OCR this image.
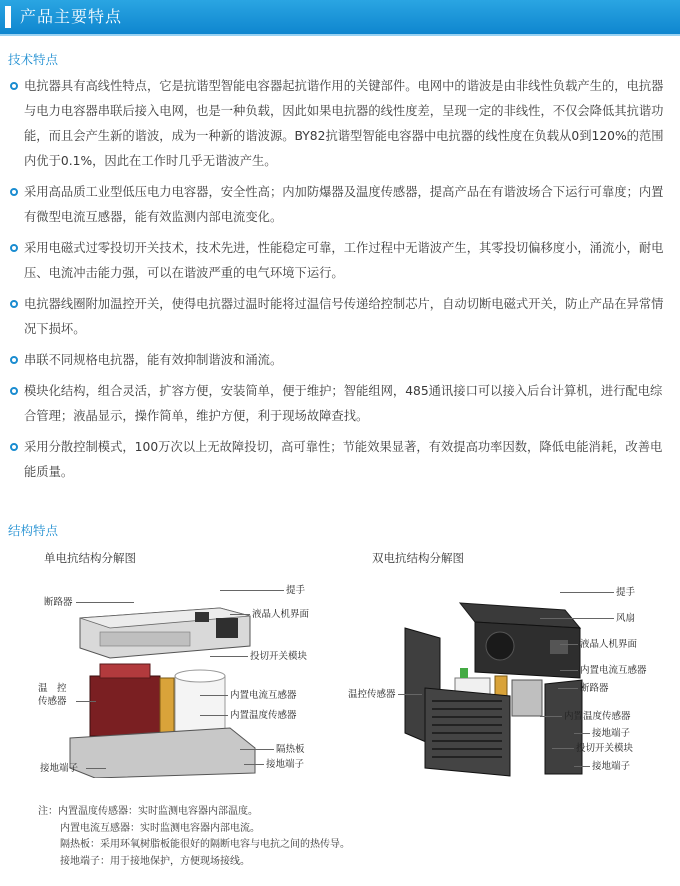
产品主要特点
技术特点
电抗器具有高线性特点，它是抗谐型智能电容器起抗谐作用的关键部件。电网中的谐波是由非线性负载产生的，电抗器与电力电容器串联后接入电网，也是一种负载，因此如果电抗器的线性度差，呈现一定的非线性，不仅会降低其抗谐功能，而且会产生新的谐波，成为一种新的谐波源。BY82抗谐型智能电容器中电抗器的线性度在负载从0到120%的范围内优于0.1%，因此在工作时几乎无谐波产生。
采用高品质工业型低压电力电容器，安全性高；内加防爆器及温度传感器，提高产品在有谐波场合下运行可靠度；内置有微型电流互感器，能有效监测内部电流变化。
采用电磁式过零投切开关技术，技术先进，性能稳定可靠，工作过程中无谐波产生，其零投切偏移度小，涌流小，耐电压、电流冲击能力强，可以在谐波严重的电气环境下运行。
电抗器线圈附加温控开关，使得电抗器过温时能将过温信号传递给控制芯片，自动切断电磁式开关，防止产品在异常情况下损坏。
串联不同规格电抗器，能有效抑制谐波和涌流。
模块化结构，组合灵活，扩容方便，安装简单，便于维护；智能组网，485通讯接口可以接入后台计算机，进行配电综合管理；液晶显示，操作简单，维护方便，利于现场故障查找。
采用分散控制模式，100万次以上无故障投切，高可靠性；节能效果显著，有效提高功率因数，降低电能消耗，改善电能质量。
结构特点
单电抗结构分解图
断路器
提手
液晶人机界面
投切开关模块
温　控
传感器
内置电流互感器
内置温度传感器
隔热板
接地端子
接地端子
双电抗结构分解图
提手
风扇
液晶人机界面
内置电流互感器
断路器
温控传感器
内置温度传感器
接地端子
投切开关模块
接地端子
注：内置温度传感器：实时监测电容器内部温度。
内置电流互感器：实时监测电容器内部电流。
隔热板：采用环氧树脂板能很好的隔断电容与电抗之间的热传导。
接地端子：用于接地保护，方便现场接线。
